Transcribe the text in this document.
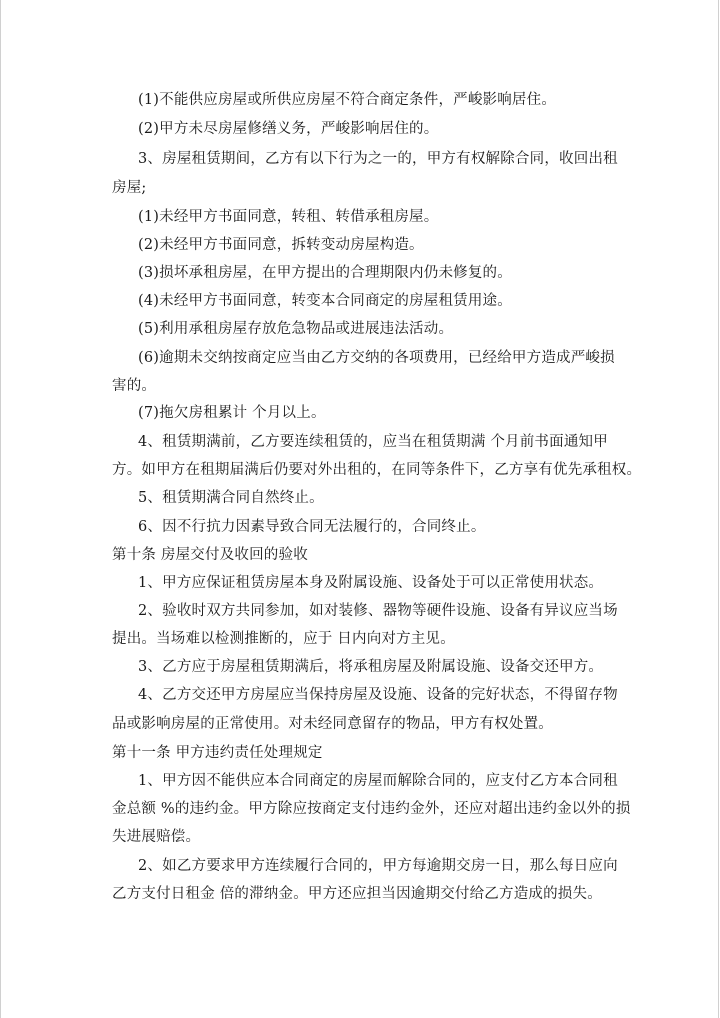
(1)不能供应房屋或所供应房屋不符合商定条件，严峻影响居住。
(2)甲方未尽房屋修缮义务，严峻影响居住的。
3、房屋租赁期间，乙方有以下行为之一的，甲方有权解除合同，收回出租
房屋;
(1)未经甲方书面同意，转租、转借承租房屋。
(2)未经甲方书面同意，拆转变动房屋构造。
(3)损坏承租房屋，在甲方提出的合理期限内仍未修复的。
(4)未经甲方书面同意，转变本合同商定的房屋租赁用途。
(5)利用承租房屋存放危急物品或进展违法活动。
(6)逾期未交纳按商定应当由乙方交纳的各项费用，已经给甲方造成严峻损
害的。
(7)拖欠房租累计 个月以上。
4、租赁期满前，乙方要连续租赁的，应当在租赁期满 个月前书面通知甲
方。如甲方在租期届满后仍要对外出租的，在同等条件下，乙方享有优先承租权。
5、租赁期满合同自然终止。
6、因不行抗力因素导致合同无法履行的，合同终止。
第十条 房屋交付及收回的验收
1、甲方应保证租赁房屋本身及附属设施、设备处于可以正常使用状态。
2、验收时双方共同参加，如对装修、器物等硬件设施、设备有异议应当场
提出。当场难以检测推断的，应于 日内向对方主见。
3、乙方应于房屋租赁期满后，将承租房屋及附属设施、设备交还甲方。
4、乙方交还甲方房屋应当保持房屋及设施、设备的完好状态，不得留存物
品或影响房屋的正常使用。对未经同意留存的物品，甲方有权处置。
第十一条 甲方违约责任处理规定
1、甲方因不能供应本合同商定的房屋而解除合同的，应支付乙方本合同租
金总额 %的违约金。甲方除应按商定支付违约金外，还应对超出违约金以外的损
失进展赔偿。
2、如乙方要求甲方连续履行合同的，甲方每逾期交房一日，那么每日应向
乙方支付日租金 倍的滞纳金。甲方还应担当因逾期交付给乙方造成的损失。
